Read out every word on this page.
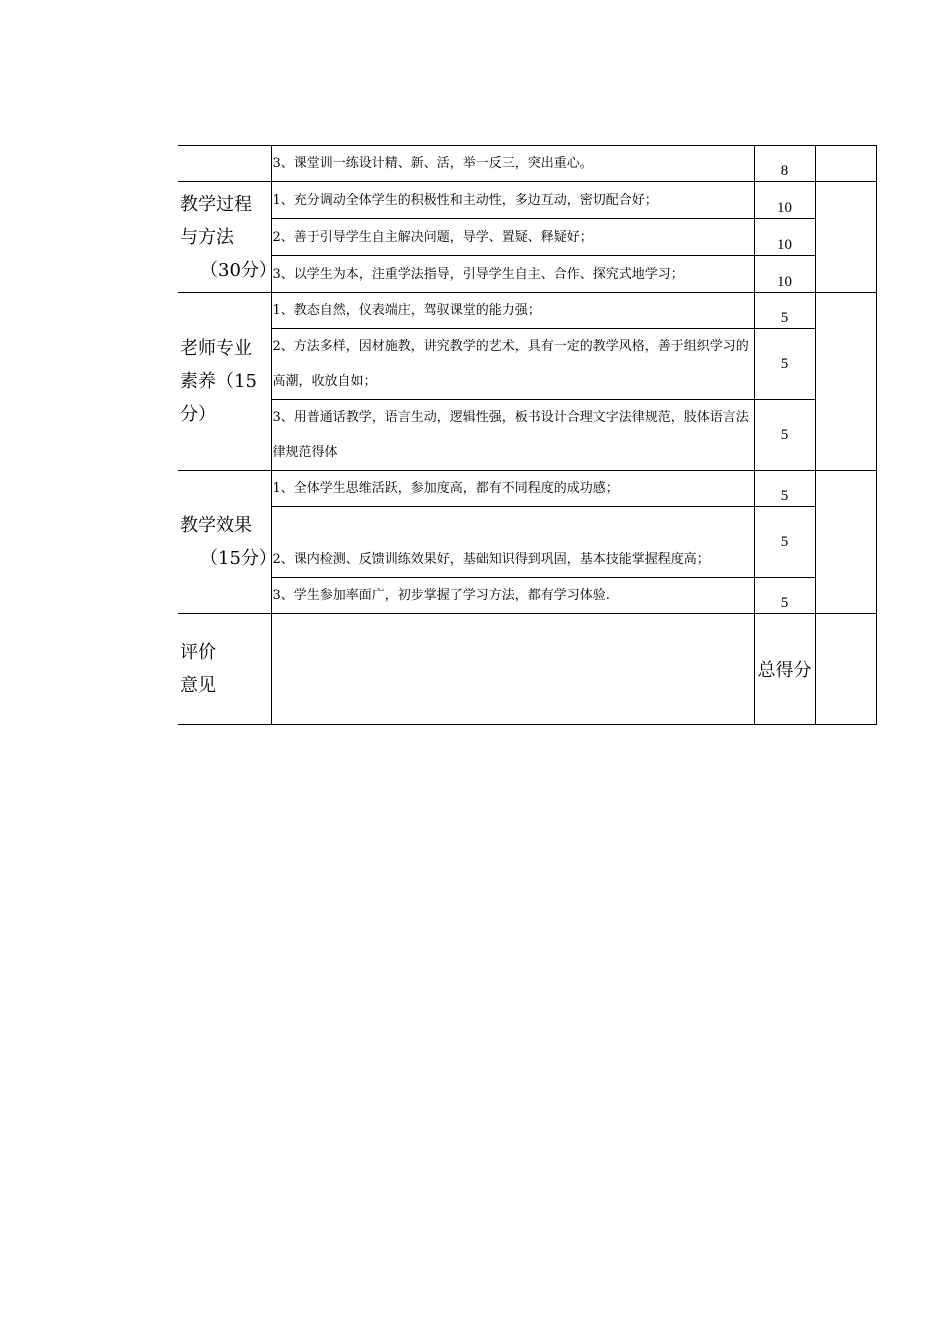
	3、课堂训一练设计精、新、活，举一反三，突出重心。	8	

教学过程
与方法
（30分）	1、充分调动全体学生的积极性和主动性，多边互动，密切配合好；	10	
	2、善于引导学生自主解决问题，导学、置疑、释疑好；	10	
	3、以学生为本，注重学法指导，引导学生自主、合作、探究式地学习；	10	

老师专业
素养（15
分）	1、教态自然，仪表端庄，驾驭课堂的能力强；	5	
	2、方法多样，因材施教，讲究教学的艺术，具有一定的教学风格，善于组织学习的高潮，收放自如；	5	
	3、用普通话教学，语言生动，逻辑性强，板书设计合理文字法律规范，肢体语言法律规范得体	5	

教学效果
（15分）	1、全体学生思维活跃，参加度高，都有不同程度的成功感；	5	
	2、课内检测、反馈训练效果好，基础知识得到巩固，基本技能掌握程度高；	5	
	3、学生参加率面广，初步掌握了学习方法，都有学习体验.	5	

评价
意见		总得分	
